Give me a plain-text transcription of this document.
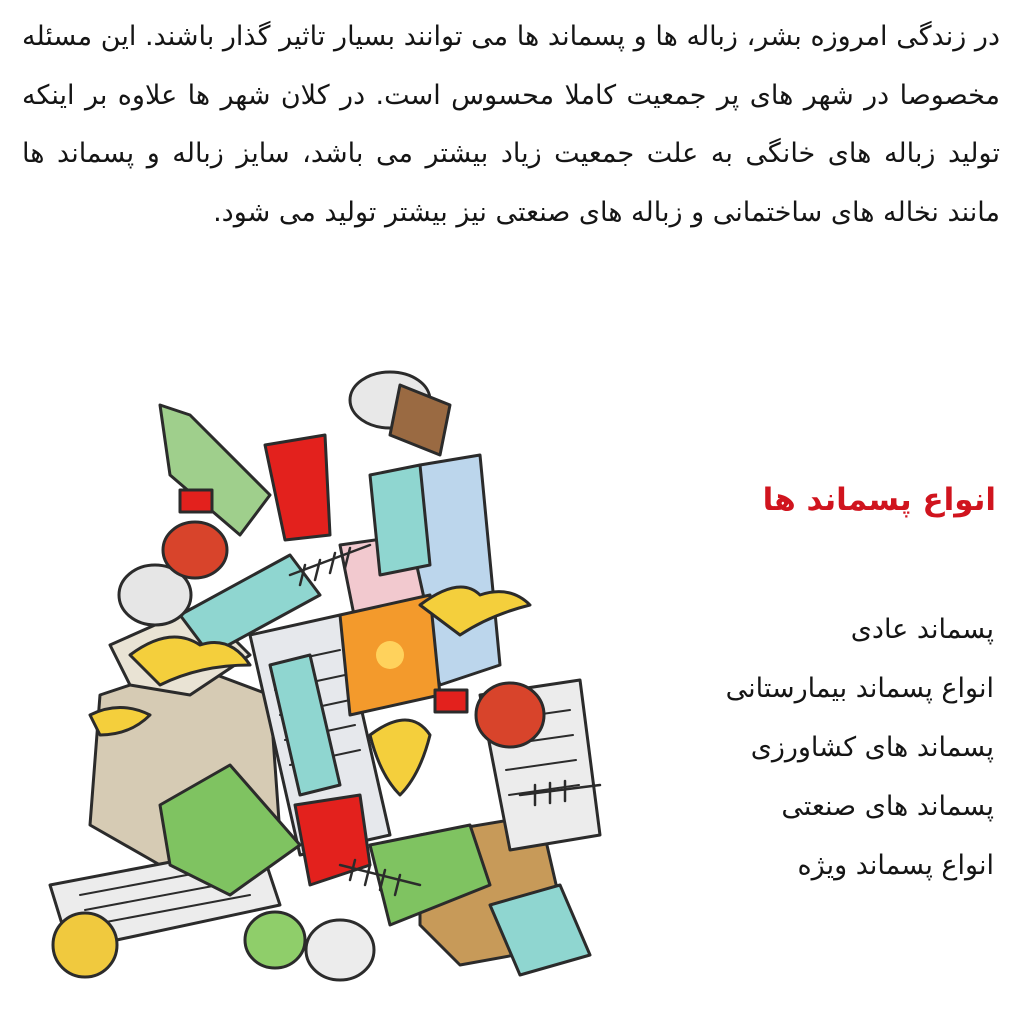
در زندگی امروزه بشر، زباله ها و پسماند ها می توانند بسیار تاثیر گذار باشند. این مسئله مخصوصا در شهر های پر جمعیت کاملا محسوس است. در کلان شهر ها علاوه بر اینکه تولید زباله های خانگی به علت جمعیت زیاد بیشتر می باشد، سایز زباله و پسماند ها مانند نخاله های ساختمانی و زباله های صنعتی نیز بیشتر تولید می شود.

انواع پسماند ها
پسماند عادی
انواع پسماند بیمارستانی
پسماند های کشاورزی
پسماند های صنعتی
انواع پسماند ویژه
